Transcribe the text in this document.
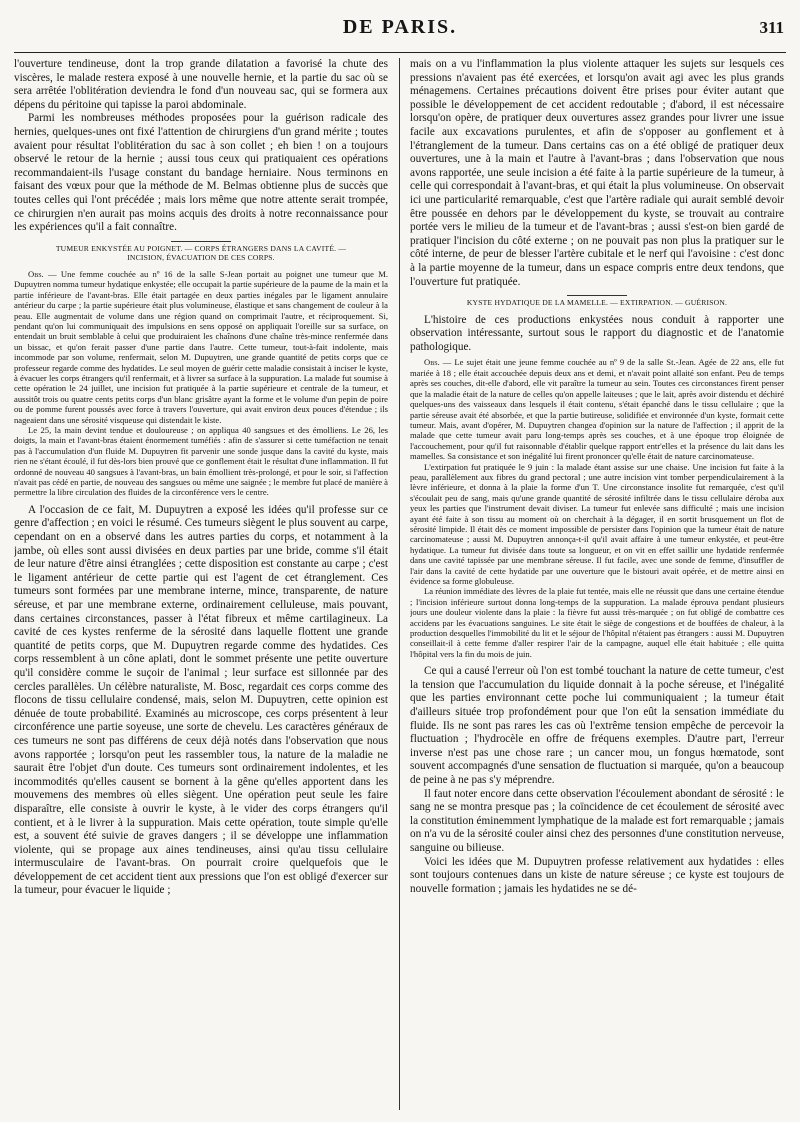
DE PARIS.	311

l'ouverture tendineuse, dont la trop grande dilatation a favorisé la chute des viscères, le malade restera exposé à une nouvelle hernie, et la partie du sac où se sera arrêtée l'oblitération deviendra le fond d'un nouveau sac, qui se formera aux dépens du péritoine qui tapisse la paroi abdominale.

Parmi les nombreuses méthodes proposées pour la guérison radicale des hernies, quelques-unes ont fixé l'attention de chirurgiens d'un grand mérite ; toutes avaient pour résultat l'oblitération du sac à son collet ; eh bien ! on a toujours observé le retour de la hernie ; aussi tous ceux qui pratiquaient ces opérations recommandaient-ils l'usage constant du bandage herniaire. Nous terminons en faisant des vœux pour que la méthode de M. Belmas obtienne plus de succès que toutes celles qui l'ont précédée ; mais lors même que notre attente serait trompée, ce chirurgien n'en aurait pas moins acquis des droits à notre reconnaissance pour les expériences qu'il a fait connaître.

TUMEUR ENKYSTÉE AU POIGNET. — CORPS ÉTRANGERS DANS LA CAVITÉ. —
INCISION, ÉVACUATION DE CES CORPS.

Obs. — Une femme couchée au nº 16 de la salle S-Jean portait au poignet une tumeur que M. Dupuytren nomma tumeur hydatique enkystée; elle occupait la partie supérieure de la paume de la main et la partie inférieure de l'avant-bras. Elle était partagée en deux parties inégales par le ligament annulaire antérieur du carpe ; la partie supérieure était plus volumineuse, élastique et sans changement de couleur à la peau. Elle augmentait de volume dans une région quand on comprimait l'autre, et réciproquement. Si, pendant qu'on lui communiquait des impulsions en sens opposé on appliquait l'oreille sur sa surface, on entendait un bruit semblable à celui que produiraient les chaînons d'une chaîne très-mince renfermée dans un bissac, et qu'on ferait passer d'une partie dans l'autre. Cette tumeur, tout-à-fait indolente, mais incommode par son volume, renfermait, selon M. Dupuytren, une grande quantité de petits corps que ce professeur regarde comme des hydatides. Le seul moyen de guérir cette maladie consistait à inciser le kyste, à évacuer les corps étrangers qu'il renfermait, et à livrer sa surface à la suppuration. La malade fut soumise à cette opération le 24 juillet, une incision fut pratiquée à la partie supérieure et centrale de la tumeur, et aussitôt trois ou quatre cents petits corps d'un blanc grisâtre ayant la forme et le volume d'un pepin de poire ou de pomme furent poussés avec force à travers l'ouverture, qui avait environ deux pouces d'étendue ; ils nageaient dans une sérosité visqueuse qui distendait le kiste.

Le 25, la main devint tendue et douloureuse ; on appliqua 40 sangsues et des émolliens. Le 26, les doigts, la main et l'avant-bras étaient énormement tuméfiés : afin de s'assurer si cette tuméfaction ne tenait pas à l'accumulation d'un fluide M. Dupuytren fit parvenir une sonde jusque dans la cavité du kyste, mais rien ne s'étant écoulé, il fut dès-lors bien prouvé que ce gonflement était le résultat d'une inflammation. Il fut ordonné de nouveau 40 sangsues à l'avant-bras, un bain émollient très-prolongé, et pour le soir, si l'affection n'avait pas cédé en partie, de nouveau des sangsues ou même une saignée ; le membre fut placé de manière à permettre la libre circulation des fluides de la circonférence vers le centre.

A l'occasion de ce fait, M. Dupuytren a exposé les idées qu'il professe sur ce genre d'affection ; en voici le résumé. Ces tumeurs siègent le plus souvent au carpe, cependant on en a observé dans les autres parties du corps, et notamment à la jambe, où elles sont aussi divisées en deux parties par une bride, comme s'il était de leur nature d'être ainsi étranglées ; cette disposition est constante au carpe ; c'est le ligament antérieur de cette partie qui est l'agent de cet étranglement. Ces tumeurs sont formées par une membrane interne, mince, transparente, de nature séreuse, et par une membrane externe, ordinairement celluleuse, mais pouvant, dans certaines circonstances, passer à l'état fibreux et même cartilagineux. La cavité de ces kystes renferme de la sérosité dans laquelle flottent une grande quantité de petits corps, que M. Dupuytren regarde comme des hydatides. Ces corps ressemblent à un cône aplati, dont le sommet présente une petite ouverture qu'il considère comme le suçoir de l'animal ; leur surface est sillonnée par des cercles parallèles. Un célèbre naturaliste, M. Bosc, regardait ces corps comme des flocons de tissu cellulaire condensé, mais, selon M. Dupuytren, cette opinion est dénuée de toute probabilité. Examinés au microscope, ces corps présentent à leur circonférence une partie soyeuse, une sorte de chevelu. Les caractères généraux de ces tumeurs ne sont pas différens de ceux déjà notés dans l'observation que nous avons rapportée ; lorsqu'on peut les rassembler tous, la nature de la maladie ne saurait être l'objet d'un doute. Ces tumeurs sont ordinairement indolentes, et les incommodités qu'elles causent se bornent à la gêne qu'elles apportent dans les mouvemens des membres où elles siègent. Une opération peut seule les faire disparaître, elle consiste à ouvrir le kyste, à le vider des corps étrangers qu'il contient, et à le livrer à la suppuration. Mais cette opération, toute simple qu'elle est, a souvent été suivie de graves dangers ; il se développe une inflammation violente, qui se propage aux aines tendineuses, ainsi qu'au tissu cellulaire intermusculaire de l'avant-bras. On pourrait croire quelquefois que le développement de cet accident tient aux pressions que l'on est obligé d'exercer sur la tumeur, pour évacuer le liquide ;

mais on a vu l'inflammation la plus violente attaquer les sujets sur lesquels ces pressions n'avaient pas été exercées, et lorsqu'on avait agi avec les plus grands ménagemens. Certaines précautions doivent être prises pour éviter autant que possible le développement de cet accident redoutable ; d'abord, il est nécessaire lorsqu'on opère, de pratiquer deux ouvertures assez grandes pour livrer une issue facile aux excavations purulentes, et afin de s'opposer au gonflement et à l'étranglement de la tumeur. Dans certains cas on a été obligé de pratiquer deux ouvertures, une à la main et l'autre à l'avant-bras ; dans l'observation que nous avons rapportée, une seule incision a été faite à la partie supérieure de la tumeur, à celle qui correspondait à l'avant-bras, et qui était la plus volumineuse. On observait ici une particularité remarquable, c'est que l'artère radiale qui aurait semblé devoir être poussée en dehors par le développement du kyste, se trouvait au contraire portée vers le milieu de la tumeur et de l'avant-bras ; aussi s'est-on bien gardé de pratiquer l'incision du côté externe ; on ne pouvait pas non plus la pratiquer sur le côté interne, de peur de blesser l'artère cubitale et le nerf qui l'avoisine : c'est donc à la partie moyenne de la tumeur, dans un espace compris entre deux tendons, que l'ouverture fut pratiquée.

KYSTE HYDATIQUE DE LA MAMELLE. — EXTIRPATION. — GUÉRISON.

L'histoire de ces productions enkystées nous conduit à rapporter une observation intéressante, surtout sous le rapport du diagnostic et de l'anatomie pathologique.

Obs. — Le sujet était une jeune femme couchée au nº 9 de la salle St.-Jean. Agée de 22 ans, elle fut mariée à 18 ; elle était accouchée depuis deux ans et demi, et n'avait point allaité son enfant. Peu de temps après ses couches, dit-elle d'abord, elle vit paraître la tumeur au sein. Toutes ces circonstances firent penser que la maladie était de la nature de celles qu'on appelle laiteuses ; que le lait, après avoir distendu et déchiré quelques-uns des vaisseaux dans lesquels il était contenu, s'était épanché dans le tissu cellulaire ; que la partie séreuse avait été absorbée, et que la partie butireuse, solidifiée et environnée d'un kyste, formait cette tumeur. Mais, avant d'opérer, M. Dupuytren changea d'opinion sur la nature de l'affection ; il apprit de la malade que cette tumeur avait paru long-temps après ses couches, et à une époque trop éloignée de l'accouchement, pour qu'il fut raisonnable d'établir quelque rapport entr'elles et la présence du lait dans les mamelles. Sa consistance et son inégalité lui firent prononcer qu'elle était de nature carcinomateuse.

L'extirpation fut pratiquée le 9 juin : la malade étant assise sur une chaise. Une incision fut faite à la peau, parallèlement aux fibres du grand pectoral ; une autre incision vint tomber perpendiculairement à la lèvre inférieure, et donna à la plaie la forme d'un T. Une circonstance insolite fut remarquée, c'est qu'il s'écoulait peu de sang, mais qu'une grande quantité de sérosité infiltrée dans le tissu cellulaire déroba aux yeux les parties que l'instrument devait diviser. La tumeur fut enlevée sans difficulté ; mais une incision ayant été faite à son tissu au moment où on cherchait à la dégager, il en sortit brusquement un flot de sérosité limpide. Il était dès ce moment impossible de persister dans l'opinion que la tumeur était de nature carcinomateuse ; aussi M. Dupuytren annonça-t-il qu'il avait affaire à une tumeur enkystée, et peut-être hydatique. La tumeur fut divisée dans toute sa longueur, et on vit en effet saillir une hydatide renfermée dans une cavité tapissée par une membrane séreuse. Il fut facile, avec une sonde de femme, d'insuffler de l'air dans la cavité de cette hydatide par une ouverture que le bistouri avait opérée, et de mettre ainsi en évidence sa forme globuleuse.

La réunion immédiate des lèvres de la plaie fut tentée, mais elle ne réussit que dans une certaine étendue ; l'incision inférieure surtout donna long-temps de la suppuration. La malade éprouva pendant plusieurs jours une douleur violente dans la plaie : la fièvre fut aussi très-marquée ; on fut obligé de combattre ces accidens par les évacuations sanguines. Le site était le siège de congestions et de bouffées de chaleur, à la production desquelles l'immobilité du lit et le séjour de l'hôpital n'étaient pas étrangers : aussi M. Dupuytren conseillait-il à cette femme d'aller respirer l'air de la campagne, auquel elle était habituée ; elle quitta l'hôpital vers la fin du mois de juin.

Ce qui a causé l'erreur où l'on est tombé touchant la nature de cette tumeur, c'est la tension que l'accumulation du liquide donnait à la poche séreuse, et l'inégalité que les parties environnant cette poche lui communiquaient ; la tumeur était d'ailleurs située trop profondément pour que l'on eût la sensation immédiate du fluide. Ils ne sont pas rares les cas où l'extrême tension empêche de percevoir la fluctuation ; l'hydrocèle en offre de fréquens exemples. D'autre part, l'erreur inverse n'est pas une chose rare ; un cancer mou, un fongus hœmatode, sont souvent accompagnés d'une sensation de fluctuation si marquée, qu'on a beaucoup de peine à ne pas s'y méprendre.

Il faut noter encore dans cette observation l'écoulement abondant de sérosité : le sang ne se montra presque pas ; la coïncidence de cet écoulement de sérosité avec la constitution éminemment lymphatique de la malade est fort remarquable ; jamais on n'a vu de la sérosité couler ainsi chez des personnes d'une constitution nerveuse, sanguine ou bilieuse.

Voici les idées que M. Dupuytren professe relativement aux hydatides : elles sont toujours contenues dans un kiste de nature séreuse ; ce kyste est toujours de nouvelle formation ; jamais les hydatides ne se dé-
